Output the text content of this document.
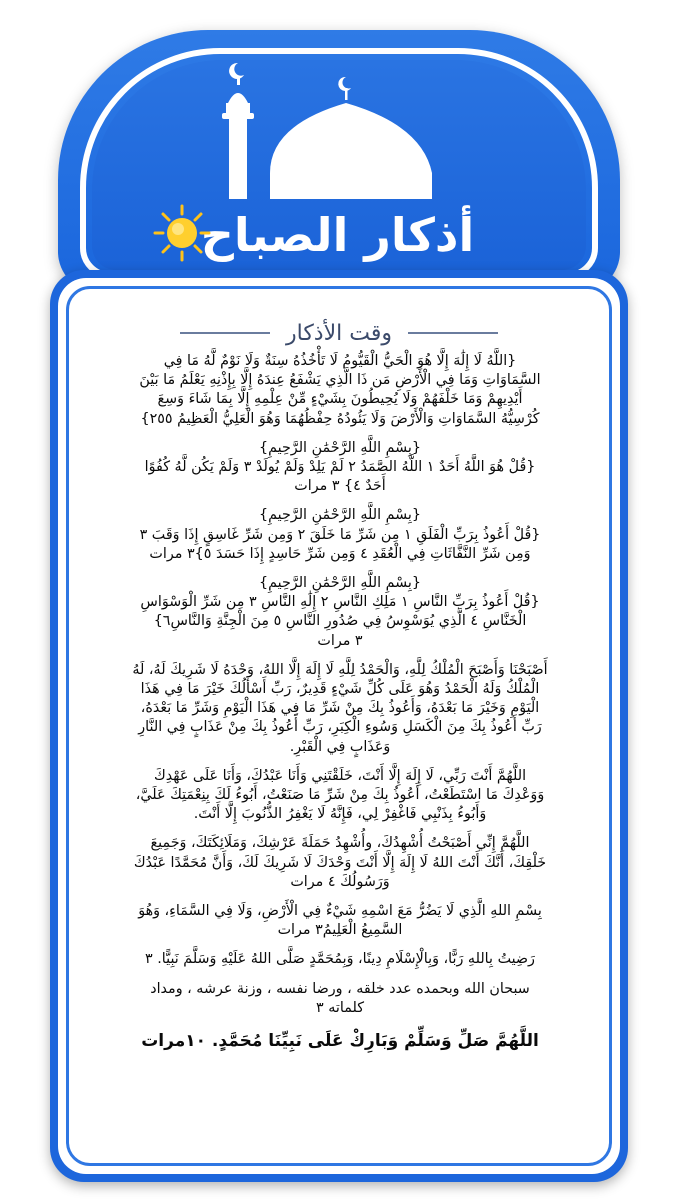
أذكار الصباح
وقت الأذكار

{اللَّهُ لَا إِلَٰهَ إِلَّا هُوَ الْحَيُّ الْقَيُّومُ لَا تَأْخُذُهُ سِنَةٌ وَلَا نَوْمٌ لَّهُ مَا فِي

السَّمَاوَاتِ وَمَا فِي الْأَرْضِ مَن ذَا الَّذِي يَشْفَعُ عِندَهُ إِلَّا بِإِذْنِهِ يَعْلَمُ مَا بَيْنَ

أَيْدِيهِمْ وَمَا خَلْفَهُمْ وَلَا يُحِيطُونَ بِشَيْءٍ مِّنْ عِلْمِهِ إِلَّا بِمَا شَاءَ وَسِعَ

كُرْسِيُّهُ السَّمَاوَاتِ وَالْأَرْضَ وَلَا يَئُودُهُ حِفْظُهُمَا وَهُوَ الْعَلِيُّ الْعَظِيمُ ٢٥٥}

{بِسْمِ اللَّهِ الرَّحْمَٰنِ الرَّحِيمِ}

{قُلْ هُوَ اللَّهُ أَحَدٌ ١ اللَّهُ الصَّمَدُ ٢ لَمْ يَلِدْ وَلَمْ يُولَدْ ٣ وَلَمْ يَكُن لَّهُ كُفُوًا

أَحَدٌ ٤} ٣ مرات

{بِسْمِ اللَّهِ الرَّحْمَٰنِ الرَّحِيمِ}

{قُلْ أَعُوذُ بِرَبِّ الْفَلَقِ ١ مِن شَرِّ مَا خَلَقَ ٢ وَمِن شَرِّ غَاسِقٍ إِذَا وَقَبَ ٣

وَمِن شَرِّ النَّفَّاثَاتِ فِي الْعُقَدِ ٤ وَمِن شَرِّ حَاسِدٍ إِذَا حَسَدَ ٥}٣ مرات

{بِسْمِ اللَّهِ الرَّحْمَٰنِ الرَّحِيمِ}

{قُلْ أَعُوذُ بِرَبِّ النَّاسِ ١ مَلِكِ النَّاسِ ٢ إِلَٰهِ النَّاسِ ٣ مِن شَرِّ الْوَسْوَاسِ

الْخَنَّاسِ ٤ الَّذِي يُوَسْوِسُ فِي صُدُورِ النَّاسِ ٥ مِنَ الْجِنَّةِ وَالنَّاسِ٦}

٣ مرات

أَصْبَحْنَا وَأَصْبَحَ الْمُلْكُ لِلَّهِ، وَالْحَمْدُ لِلَّهِ لَا إِلَهَ إِلَّا اللهُ، وَحْدَهُ لَا شَرِيكَ لَهُ، لَهُ

الْمُلْكُ وَلَهُ الْحَمْدُ وَهُوَ عَلَى كُلِّ شَيْءٍ قَدِيرٌ، رَبِّ أَسْأَلُكَ خَيْرَ مَا فِي هَذَا

الْيَوْمِ وَخَيْرَ مَا بَعْدَهُ، وَأَعُوذُ بِكَ مِنْ شَرِّ مَا فِي هَذَا الْيَوْمِ وَشَرِّ مَا بَعْدَهُ،

رَبِّ أَعُوذُ بِكَ مِنَ الْكَسَلِ وَسُوءِ الْكِبَرِ، رَبِّ أَعُوذُ بِكَ مِنْ عَذَابٍ فِي النَّارِ

وَعَذَابٍ فِي الْقَبْرِ.

اللَّهُمَّ أَنْتَ رَبِّي، لَا إِلَهَ إِلَّا أَنْتَ، خَلَقْتَنِي وَأَنَا عَبْدُكَ، وَأَنَا عَلَى عَهْدِكَ

وَوَعْدِكَ مَا اسْتَطَعْتُ، أَعُوذُ بِكَ مِنْ شَرِّ مَا صَنَعْتُ، أَبُوءُ لَكَ بِنِعْمَتِكَ عَلَيَّ،

وَأَبُوءُ بِذَنْبِي فَاغْفِرْ لِي، فَإِنَّهُ لَا يَغْفِرُ الذُّنُوبَ إِلَّا أَنْتَ.

اللَّهُمَّ إِنِّي أَصْبَحْتُ أُشْهِدُكَ، وأُشْهِدُ حَمَلَةَ عَرْشِكَ، وَمَلَائِكَتَكَ، وَجَمِيعَ

خَلْقِكَ، أَنَّكَ أَنْتَ اللهُ لَا إِلَهَ إِلَّا أَنْتَ وَحْدَكَ لَا شَرِيكَ لَكَ، وَأَنَّ مُحَمَّدًا عَبْدُكَ

وَرَسُولُكَ ٤ مرات

بِسْمِ اللهِ الَّذِي لَا يَضُرُّ مَعَ اسْمِهِ شَيْءٌ فِي الْأَرْضِ، وَلَا فِي السَّمَاءِ، وَهُوَ

السَّمِيعُ الْعَلِيمُ٣ مرات

رَضِيتُ بِاللهِ رَبًّا، وَبِالْإِسْلَامِ دِينًا، وَبِمُحَمَّدٍ صَلَّى اللهُ عَلَيْهِ وَسَلَّمَ نَبِيًّا. ٣

سبحان الله وبحمده عدد خلقه ، ورضا نفسه ، وزنة عرشه ، ومداد

كلماته ٣

اللَّهُمَّ صَلِّ وَسَلِّمْ وَبَارِكْ عَلَى نَبِيِّنَا مُحَمَّدٍ. ١٠مرات
